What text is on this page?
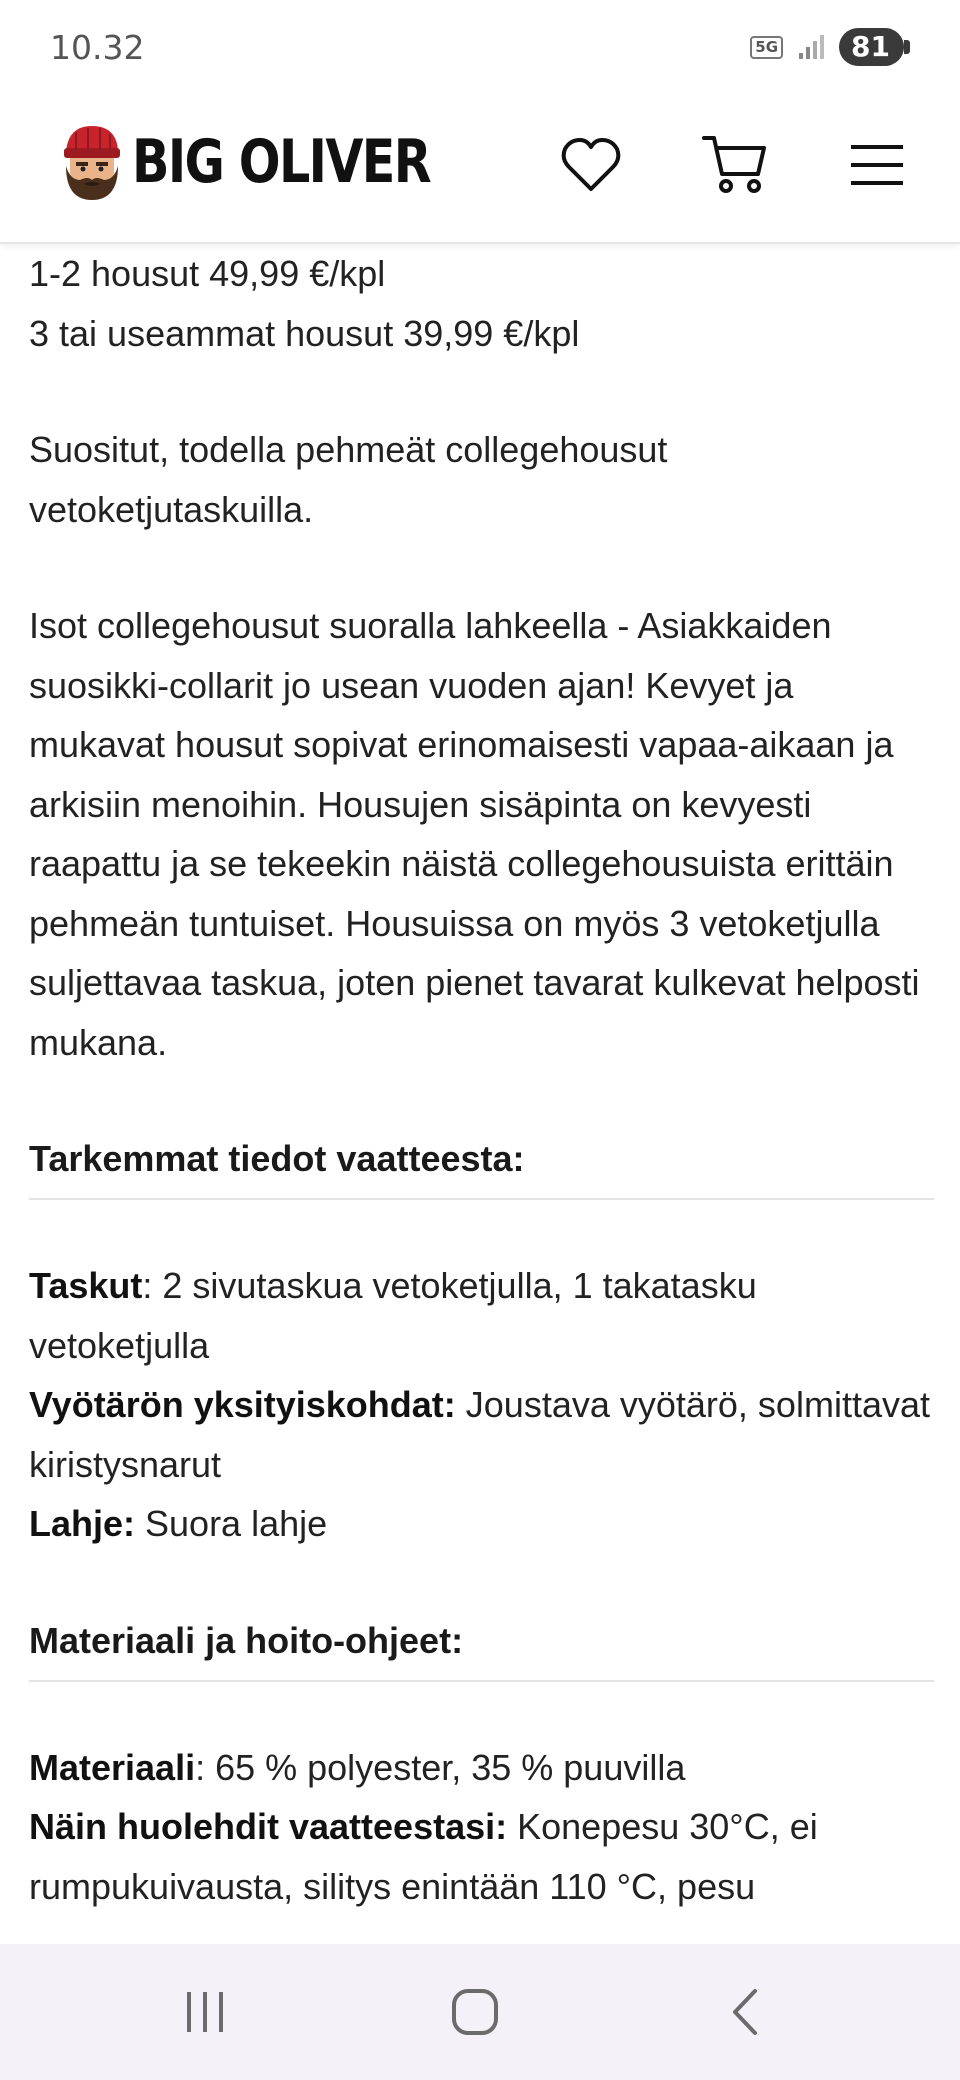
10.32	5G	81
BIG OLIVER

1-2 housut 49,99 €/kpl

3 tai useammat housut 39,99 €/kpl

Suositut, todella pehmeät collegehousut vetoketjutaskuilla.

Isot collegehousut suoralla lahkeella - Asiakkaiden suosikki-collarit jo usean vuoden ajan! Kevyet ja mukavat housut sopivat erinomaisesti vapaa-aikaan ja arkisiin menoihin. Housujen sisäpinta on kevyesti raapattu ja se tekeekin näistä collegehousuista erittäin pehmeän tuntuiset. Housuissa on myös 3 vetoketjulla suljettavaa taskua, joten pienet tavarat kulkevat helposti mukana.

Tarkemmat tiedot vaatteesta:

Taskut: 2 sivutaskua vetoketjulla, 1 takatasku vetoketjulla

Vyötärön yksityiskohdat: Joustava vyötärö, solmittavat kiristysnarut

Lahje: Suora lahje

Materiaali ja hoito-ohjeet:

Materiaali: 65 % polyester, 35 % puuvilla

Näin huolehdit vaatteestasi: Konepesu 30°C, ei rumpukuivausta, silitys enintään 110 °C, pesu
